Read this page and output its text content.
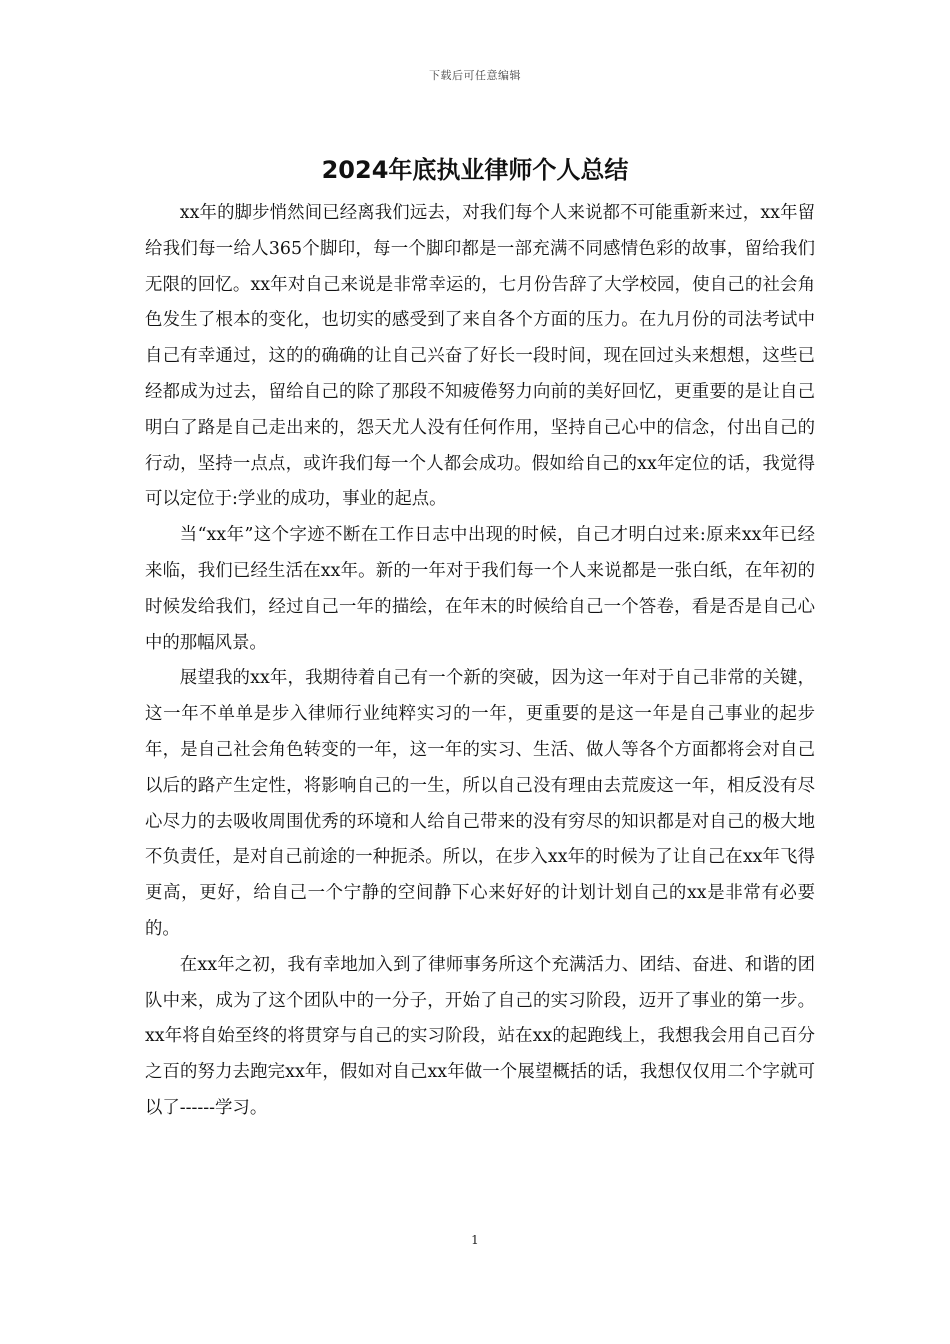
下载后可任意编辑
2024年底执业律师个人总结

xx年的脚步悄然间已经离我们远去，对我们每个人来说都不可能重新来过，xx年留给我们每一给人365个脚印，每一个脚印都是一部充满不同感情色彩的故事，留给我们无限的回忆。xx年对自己来说是非常幸运的，七月份告辞了大学校园，使自己的社会角色发生了根本的变化，也切实的感受到了来自各个方面的压力。在九月份的司法考试中自己有幸通过，这的的确确的让自己兴奋了好长一段时间，现在回过头来想想，这些已经都成为过去，留给自己的除了那段不知疲倦努力向前的美好回忆，更重要的是让自己明白了路是自己走出来的，怨天尤人没有任何作用，坚持自己心中的信念，付出自己的行动，坚持一点点，或许我们每一个人都会成功。假如给自己的xx年定位的话，我觉得可以定位于:学业的成功，事业的起点。

当“xx年”这个字迹不断在工作日志中出现的时候，自己才明白过来:原来xx年已经来临，我们已经生活在xx年。新的一年对于我们每一个人来说都是一张白纸，在年初的时候发给我们，经过自己一年的描绘，在年末的时候给自己一个答卷，看是否是自己心中的那幅风景。

展望我的xx年，我期待着自己有一个新的突破，因为这一年对于自己非常的关键，这一年不单单是步入律师行业纯粹实习的一年，更重要的是这一年是自己事业的起步年，是自己社会角色转变的一年，这一年的实习、生活、做人等各个方面都将会对自己以后的路产生定性，将影响自己的一生，所以自己没有理由去荒废这一年，相反没有尽心尽力的去吸收周围优秀的环境和人给自己带来的没有穷尽的知识都是对自己的极大地不负责任，是对自己前途的一种扼杀。所以，在步入xx年的时候为了让自己在xx年飞得更高，更好，给自己一个宁静的空间静下心来好好的计划计划自己的xx是非常有必要的。

在xx年之初，我有幸地加入到了律师事务所这个充满活力、团结、奋进、和谐的团队中来，成为了这个团队中的一分子，开始了自己的实习阶段，迈开了事业的第一步。xx年将自始至终的将贯穿与自己的实习阶段，站在xx的起跑线上，我想我会用自己百分之百的努力去跑完xx年，假如对自己xx年做一个展望概括的话，我想仅仅用二个字就可以了------学习。

1
